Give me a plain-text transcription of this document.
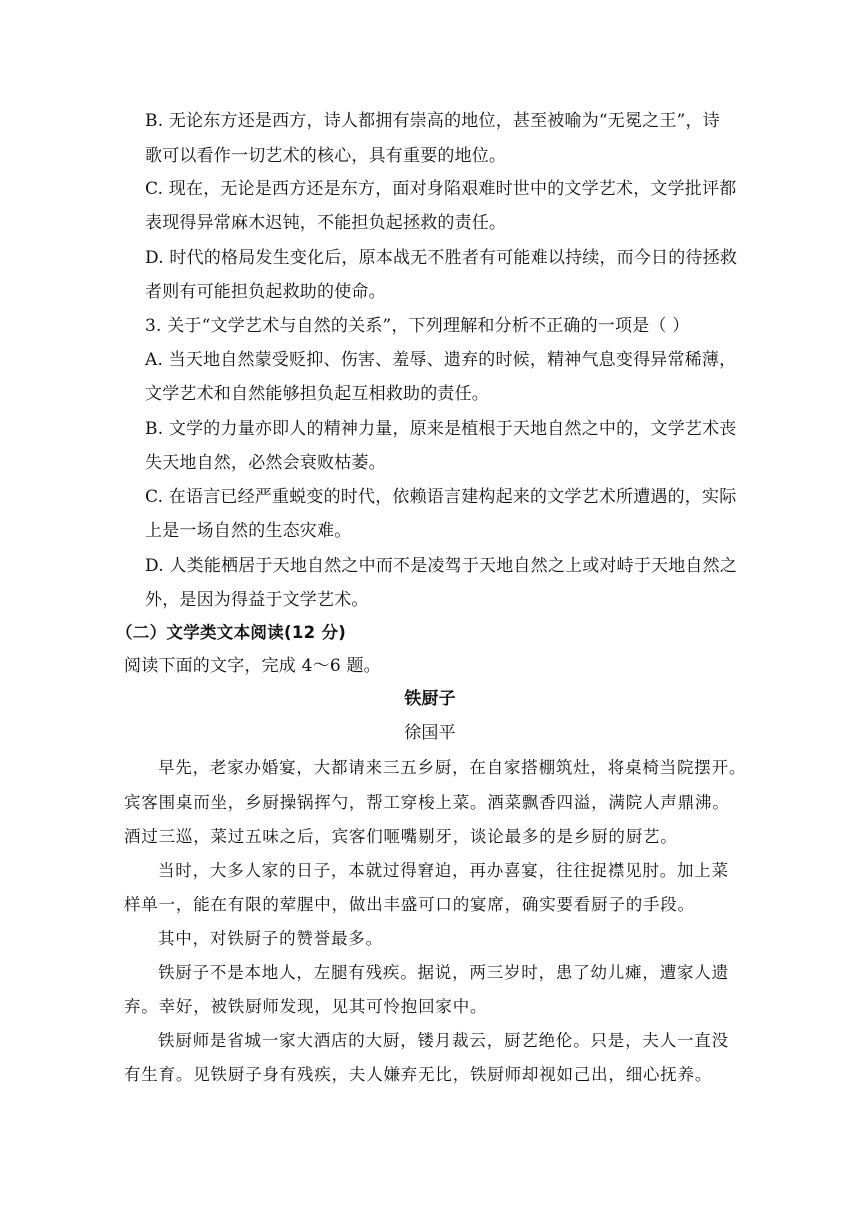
B. 无论东方还是西方，诗人都拥有崇高的地位，甚至被喻为“无冕之王”，诗
歌可以看作一切艺术的核心，具有重要的地位。
C. 现在，无论是西方还是东方，面对身陷艰难时世中的文学艺术，文学批评都
表现得异常麻木迟钝，不能担负起拯救的责任。
D. 时代的格局发生变化后，原本战无不胜者有可能难以持续，而今日的待拯救
者则有可能担负起救助的使命。
3. 关于“文学艺术与自然的关系”，下列理解和分析不正确的一项是（ ）
A. 当天地自然蒙受贬抑、伤害、羞辱、遗弃的时候，精神气息变得异常稀薄，
文学艺术和自然能够担负起互相救助的责任。
B. 文学的力量亦即人的精神力量，原来是植根于天地自然之中的，文学艺术丧
失天地自然，必然会衰败枯萎。
C. 在语言已经严重蜕变的时代，依赖语言建构起来的文学艺术所遭遇的，实际
上是一场自然的生态灾难。
D. 人类能栖居于天地自然之中而不是凌驾于天地自然之上或对峙于天地自然之
外，是因为得益于文学艺术。
（二）文学类文本阅读(12 分)
阅读下面的文字，完成 4～6 题。
铁厨子
徐国平
早先，老家办婚宴，大都请来三五乡厨，在自家搭棚筑灶，将桌椅当院摆开。
宾客围桌而坐，乡厨操锅挥勺，帮工穿梭上菜。酒菜飘香四溢，满院人声鼎沸。
酒过三巡，菜过五味之后，宾客们咂嘴剔牙，谈论最多的是乡厨的厨艺。
当时，大多人家的日子，本就过得窘迫，再办喜宴，往往捉襟见肘。加上菜
样单一，能在有限的荤腥中，做出丰盛可口的宴席，确实要看厨子的手段。
其中，对铁厨子的赞誉最多。
铁厨子不是本地人，左腿有残疾。据说，两三岁时，患了幼儿瘫，遭家人遗
弃。幸好，被铁厨师发现，见其可怜抱回家中。
铁厨师是省城一家大酒店的大厨，镂月裁云，厨艺绝伦。只是，夫人一直没
有生育。见铁厨子身有残疾，夫人嫌弃无比，铁厨师却视如己出，细心抚养。
